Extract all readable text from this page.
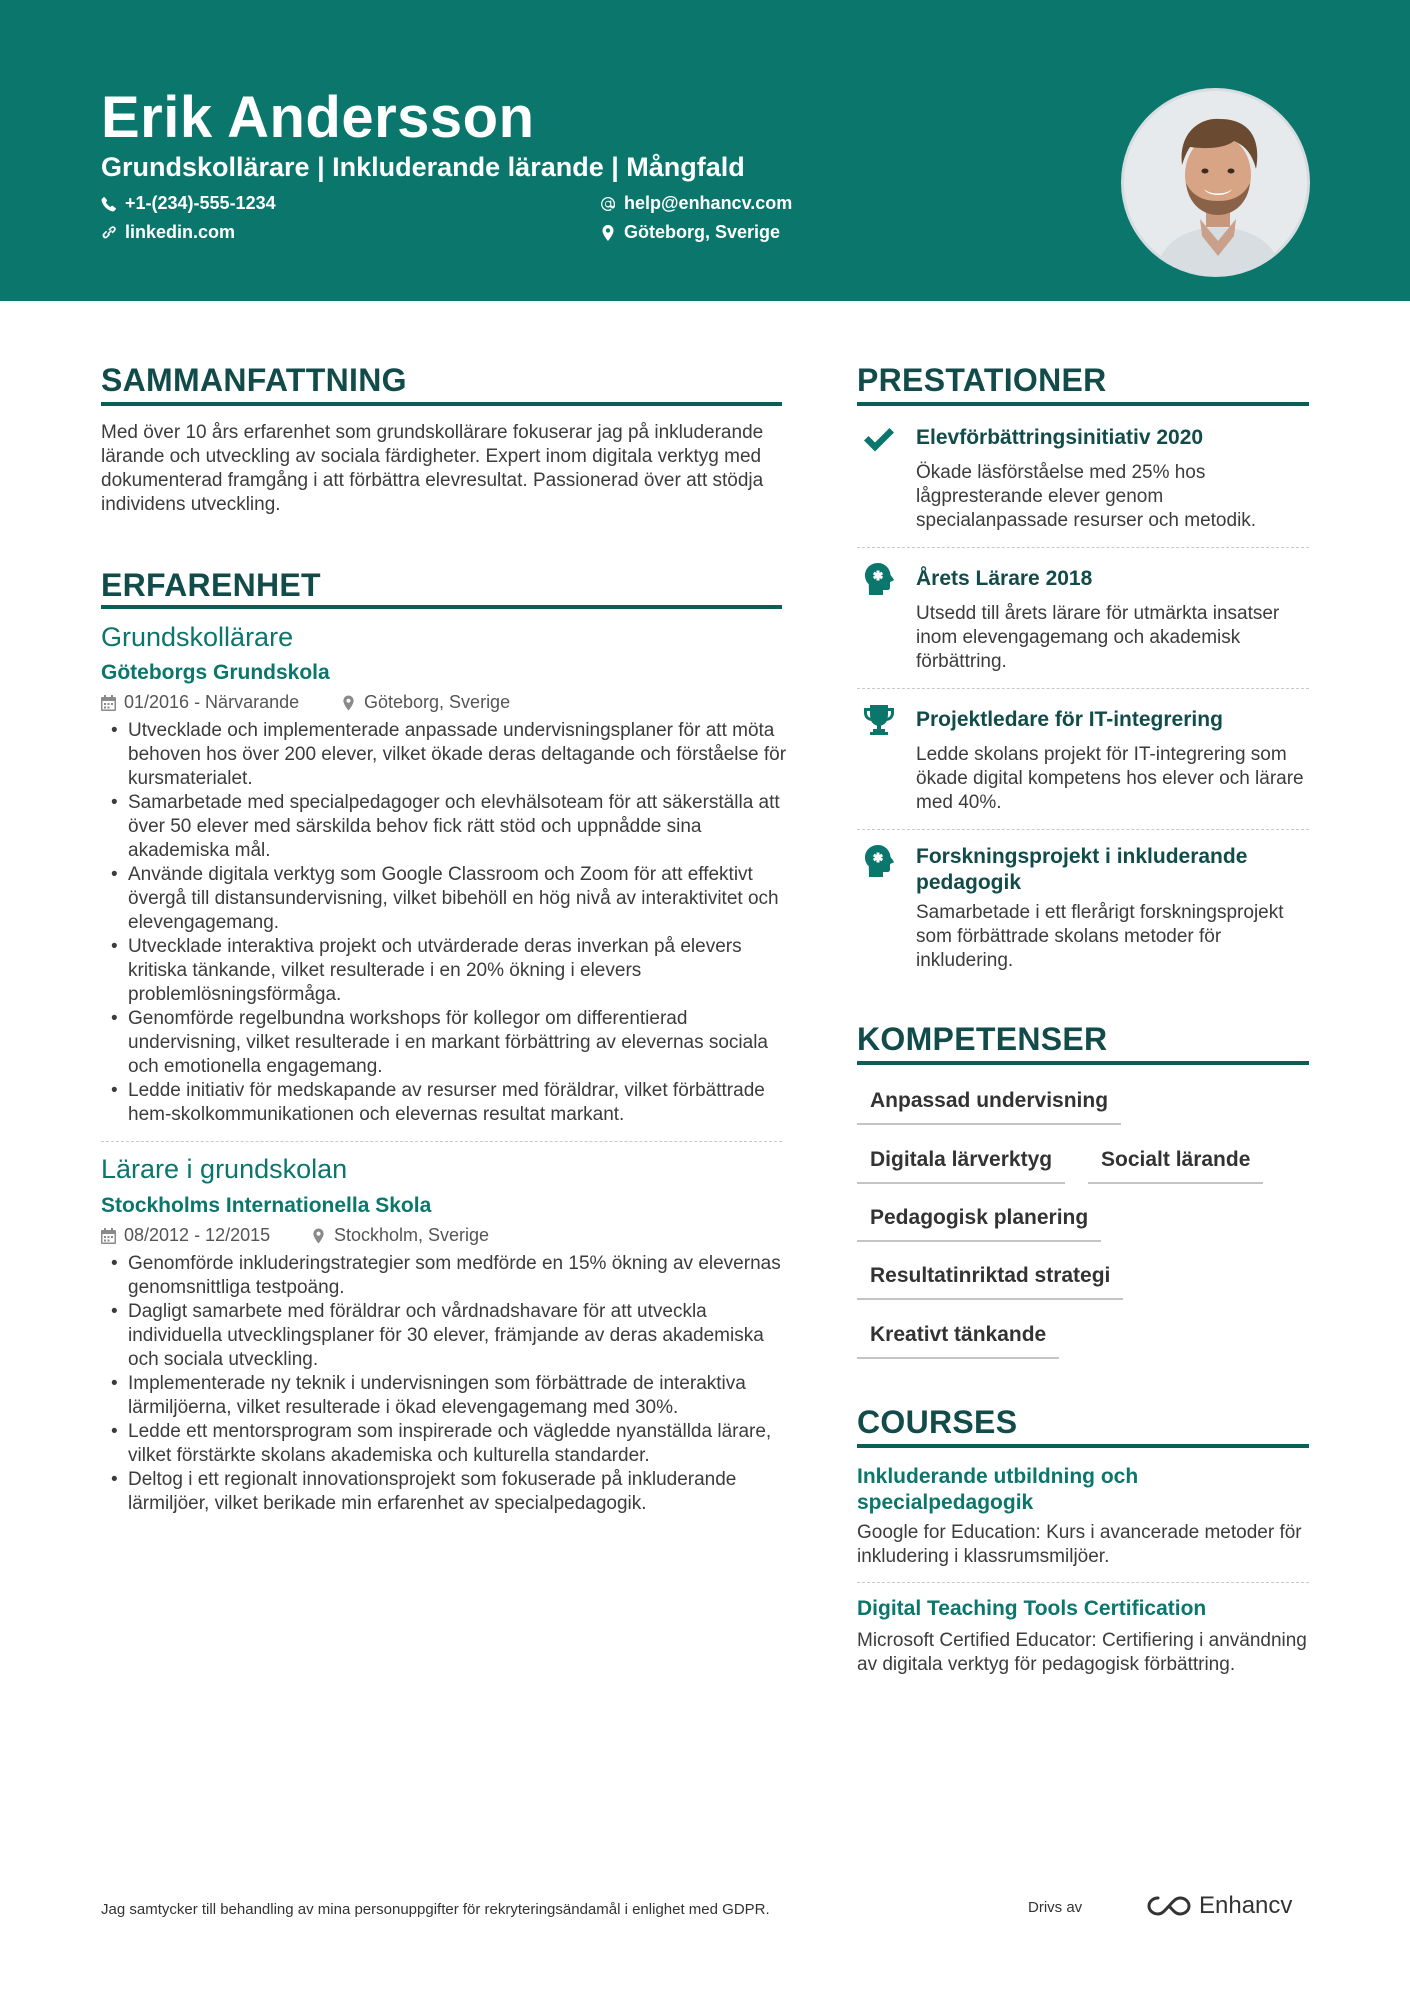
Erik Andersson
Grundskollärare | Inkluderande lärande | Mångfald
+1-(234)-555-1234	help@enhancv.com
linkedin.com	Göteborg, Sverige
SAMMANFATTNING
Med över 10 års erfarenhet som grundskollärare fokuserar jag på inkluderande lärande och utveckling av sociala färdigheter. Expert inom digitala verktyg med dokumenterad framgång i att förbättra elevresultat. Passionerad över att stödja individens utveckling.
ERFARENHET
Grundskollärare
Göteborgs Grundskola
01/2016 - Närvarande	Göteborg, Sverige
• Utvecklade och implementerade anpassade undervisningsplaner för att möta behoven hos över 200 elever, vilket ökade deras deltagande och förståelse för kursmaterialet.
• Samarbetade med specialpedagoger och elevhälsoteam för att säkerställa att över 50 elever med särskilda behov fick rätt stöd och uppnådde sina akademiska mål.
• Använde digitala verktyg som Google Classroom och Zoom för att effektivt övergå till distansundervisning, vilket bibehöll en hög nivå av interaktivitet och elevengagemang.
• Utvecklade interaktiva projekt och utvärderade deras inverkan på elevers kritiska tänkande, vilket resulterade i en 20% ökning i elevers problemlösningsförmåga.
• Genomförde regelbundna workshops för kollegor om differentierad undervisning, vilket resulterade i en markant förbättring av elevernas sociala och emotionella engagemang.
• Ledde initiativ för medskapande av resurser med föräldrar, vilket förbättrade hem-skolkommunikationen och elevernas resultat markant.
Lärare i grundskolan
Stockholms Internationella Skola
08/2012 - 12/2015	Stockholm, Sverige
• Genomförde inkluderingstrategier som medförde en 15% ökning av elevernas genomsnittliga testpoäng.
• Dagligt samarbete med föräldrar och vårdnadshavare för att utveckla individuella utvecklingsplaner för 30 elever, främjande av deras akademiska och sociala utveckling.
• Implementerade ny teknik i undervisningen som förbättrade de interaktiva lärmiljöerna, vilket resulterade i ökad elevengagemang med 30%.
• Ledde ett mentorsprogram som inspirerade och vägledde nyanställda lärare, vilket förstärkte skolans akademiska och kulturella standarder.
• Deltog i ett regionalt innovationsprojekt som fokuserade på inkluderande lärmiljöer, vilket berikade min erfarenhet av specialpedagogik.
PRESTATIONER
Elevförbättringsinitiativ 2020
Ökade läsförståelse med 25% hos lågpresterande elever genom specialanpassade resurser och metodik.
Årets Lärare 2018
Utsedd till årets lärare för utmärkta insatser inom elevengagemang och akademisk förbättring.
Projektledare för IT-integrering
Ledde skolans projekt för IT-integrering som ökade digital kompetens hos elever och lärare med 40%.
Forskningsprojekt i inkluderande pedagogik
Samarbetade i ett flerårigt forskningsprojekt som förbättrade skolans metoder för inkludering.
KOMPETENSER
Anpassad undervisning
Digitala lärverktyg	Socialt lärande
Pedagogisk planering
Resultatinriktad strategi
Kreativt tänkande
COURSES
Inkluderande utbildning och specialpedagogik
Google for Education: Kurs i avancerade metoder för inkludering i klassrumsmiljöer.
Digital Teaching Tools Certification
Microsoft Certified Educator: Certifiering i användning av digitala verktyg för pedagogisk förbättring.
Jag samtycker till behandling av mina personuppgifter för rekryteringsändamål i enlighet med GDPR.	Drivs av	Enhancv
